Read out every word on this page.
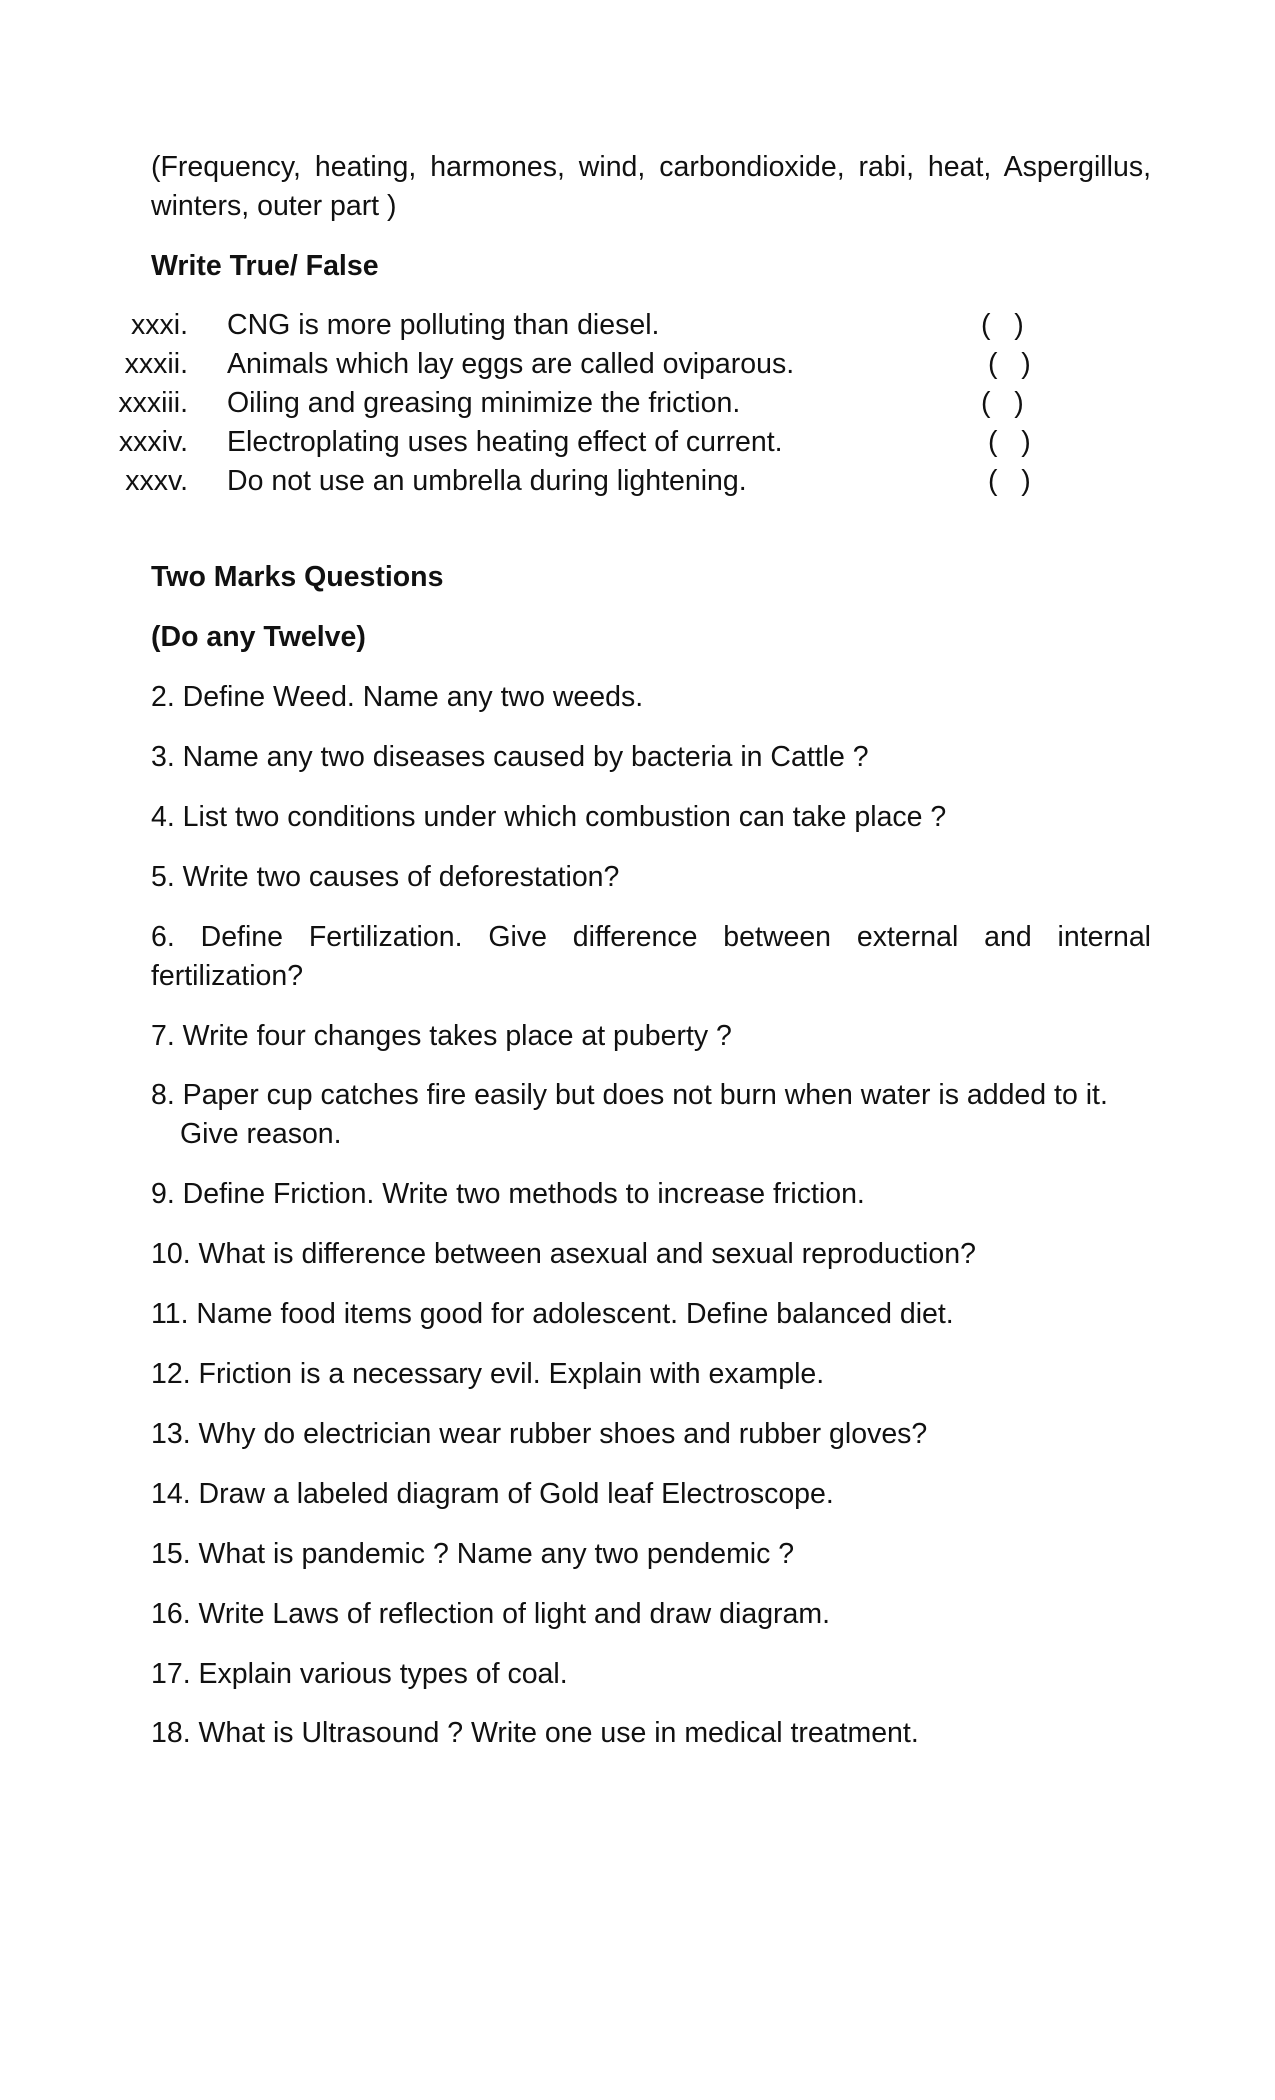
(Frequency, heating, harmones, wind, carbondioxide, rabi, heat, Aspergillus, winters, outer part )
Write True/ False
xxxi. CNG is more polluting than diesel.	(   )
xxxii. Animals which lay eggs are called oviparous.	(   )
xxxiii. Oiling and greasing minimize the friction.	(   )
xxxiv. Electroplating uses heating effect of current.	(   )
xxxv. Do not use an umbrella during lightening.	(   )
Two Marks Questions
(Do any Twelve)
2. Define Weed. Name any two weeds.
3. Name any two diseases caused by bacteria in Cattle ?
4. List two conditions under which combustion can take place ?
5. Write two causes of deforestation?
6. Define Fertilization. Give difference between external and internal fertilization?
7. Write four changes takes place at puberty ?
8. Paper cup catches fire easily but does not burn when water is added to it.
Give reason.
9. Define Friction. Write two methods to increase friction.
10. What is difference between asexual and sexual reproduction?
11. Name food items good for adolescent. Define balanced diet.
12. Friction is a necessary evil. Explain with example.
13. Why do electrician wear rubber shoes and rubber gloves?
14. Draw a labeled diagram of Gold leaf Electroscope.
15. What is pandemic ? Name any two pendemic ?
16. Write Laws of reflection of light and draw diagram.
17. Explain various types of coal.
18. What is Ultrasound ? Write one use in medical treatment.
